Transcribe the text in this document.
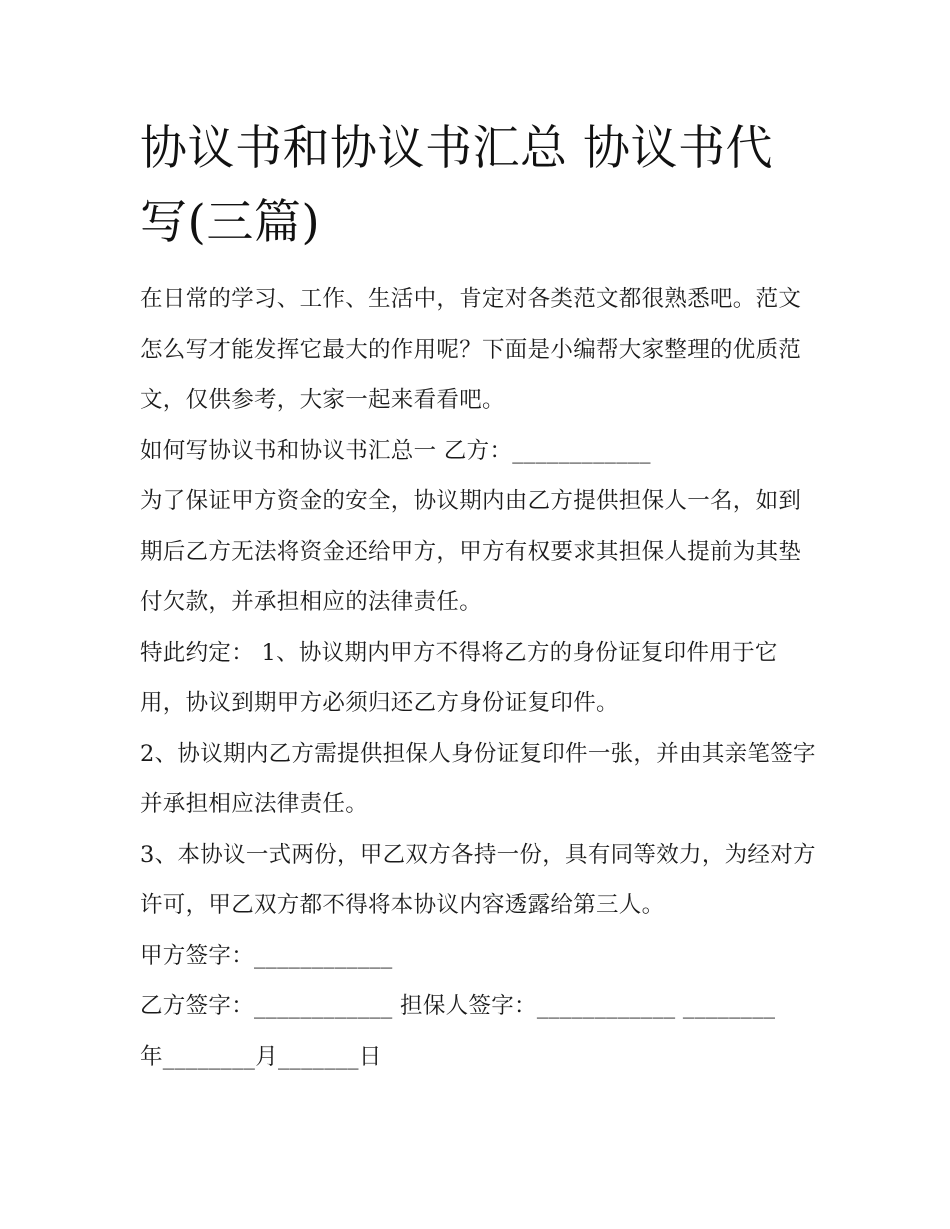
协议书和协议书汇总 协议书代写(三篇)

在日常的学习、工作、生活中，肯定对各类范文都很熟悉吧。范文怎么写才能发挥它最大的作用呢？下面是小编帮大家整理的优质范文，仅供参考，大家一起来看看吧。

如何写协议书和协议书汇总一 乙方：____________

为了保证甲方资金的安全，协议期内由乙方提供担保人一名，如到期后乙方无法将资金还给甲方，甲方有权要求其担保人提前为其垫付欠款，并承担相应的法律责任。

特此约定： 1、协议期内甲方不得将乙方的身份证复印件用于它用，协议到期甲方必须归还乙方身份证复印件。

2、协议期内乙方需提供担保人身份证复印件一张，并由其亲笔签字并承担相应法律责任。

3、本协议一式两份，甲乙双方各持一份，具有同等效力，为经对方许可，甲乙双方都不得将本协议内容透露给第三人。

甲方签字：____________

乙方签字：____________ 担保人签字：____________ ________

年________月_______日
